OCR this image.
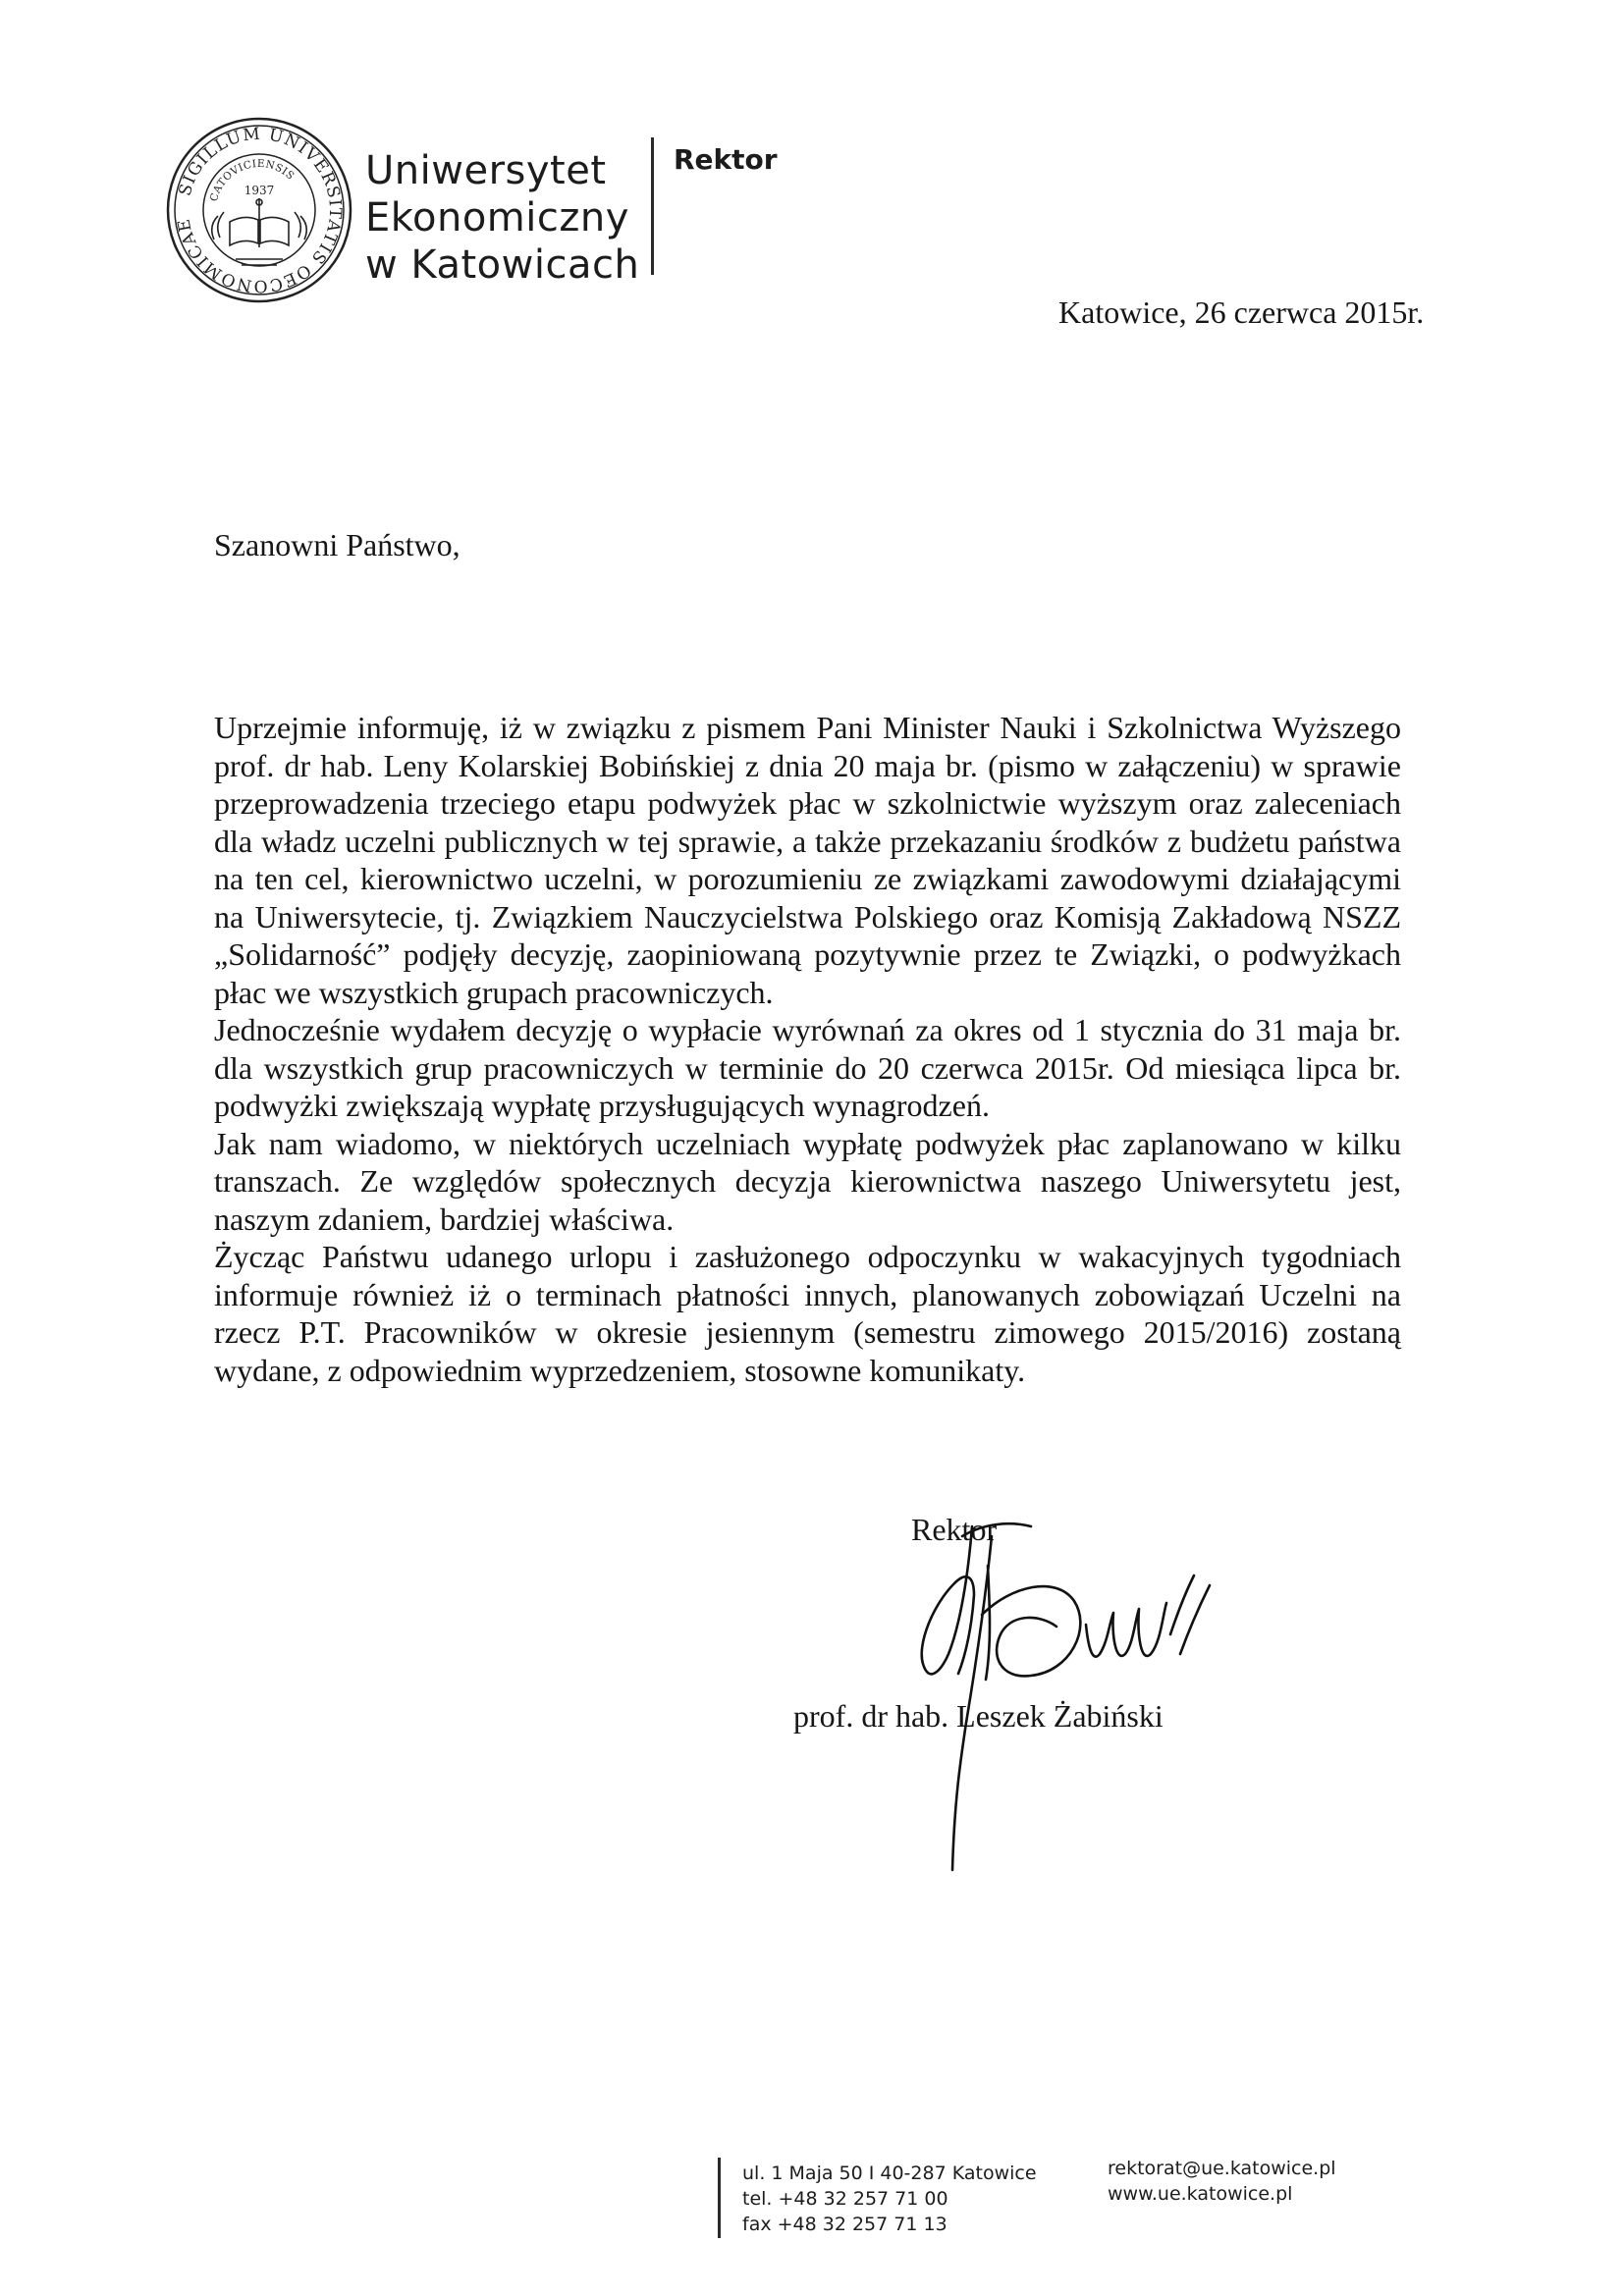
SIGILLUM UNIVERSITATIS OECONOMICAE
CATOVICIENSIS
1937 Uniwersytet
Ekonomiczny
w Katowicach
Rektor
Katowice, 26 czerwca 2015r.
Szanowni Państwo,

Uprzejmie informuję, iż w związku z pismem Pani Minister Nauki i Szkolnictwa Wyższego prof. dr hab. Leny Kolarskiej Bobińskiej z dnia 20 maja br. (pismo w załączeniu) w sprawie przeprowadzenia trzeciego etapu podwyżek płac w szkolnictwie wyższym oraz zaleceniach dla władz uczelni publicznych w tej sprawie, a także przekazaniu środków z budżetu państwa na ten cel, kierownictwo uczelni, w porozumieniu ze związkami zawodowymi działającymi na Uniwersytecie, tj. Związkiem Nauczycielstwa Polskiego oraz Komisją Zakładową NSZZ „Solidarność” podjęły decyzję, zaopiniowaną pozytywnie przez te Związki, o podwyżkach płac we wszystkich grupach pracowniczych.

Jednocześnie wydałem decyzję o wypłacie wyrównań za okres od 1 stycznia do 31 maja br. dla wszystkich grup pracowniczych w terminie do 20 czerwca 2015r. Od miesiąca lipca br. podwyżki zwiększają wypłatę przysługujących wynagrodzeń.

Jak nam wiadomo, w niektórych uczelniach wypłatę podwyżek płac zaplanowano w kilku transzach. Ze względów społecznych decyzja kierownictwa naszego Uniwersytetu jest, naszym zdaniem, bardziej właściwa.

Życząc Państwu udanego urlopu i zasłużonego odpoczynku w wakacyjnych tygodniach informuje również iż o terminach płatności innych, planowanych zobowiązań Uczelni na rzecz P.T. Pracowników w okresie jesiennym (semestru zimowego 2015/2016) zostaną wydane, z odpowiednim wyprzedzeniem, stosowne komunikaty.

Rektor
prof. dr hab. Leszek Żabiński
ul. 1 Maja 50 I 40-287 Katowice
tel. +48 32 257 71 00
fax +48 32 257 71 13
rektorat@ue.katowice.pl
www.ue.katowice.pl
